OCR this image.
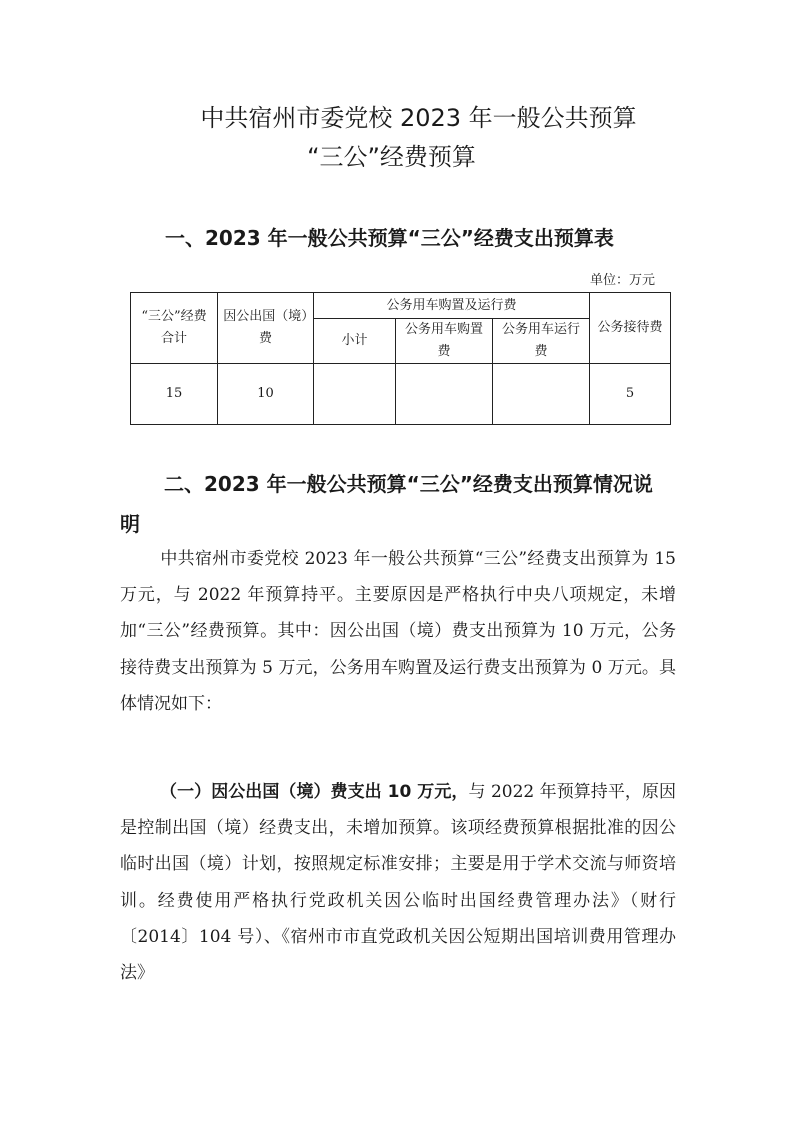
中共宿州市委党校 2023 年一般公共预算
“三公”经费预算
一、2023 年一般公共预算“三公”经费支出预算表
单位：万元
“三公”经费合计	因公出国（境）费	公务用车购置及运行费			公务接待费
		小计	公务用车购置费	公务用车运行费	
15	10				5
二、2023 年一般公共预算“三公”经费支出预算情况说
明
中共宿州市委党校 2023 年一般公共预算“三公”经费支出预算为 15 万元，与 2022 年预算持平。主要原因是严格执行中央八项规定，未增加“三公”经费预算。其中：因公出国（境）费支出预算为 10 万元，公务接待费支出预算为 5 万元，公务用车购置及运行费支出预算为 0 万元。具体情况如下：
（一）因公出国（境）费支出 10 万元，与 2022 年预算持平，原因是控制出国（境）经费支出，未增加预算。该项经费预算根据批准的因公临时出国（境）计划，按照规定标准安排；主要是用于学术交流与师资培训。经费使用严格执行党政机关因公临时出国经费管理办法》（财行〔2014〕104 号）、《宿州市市直党政机关因公短期出国培训费用管理办法》
